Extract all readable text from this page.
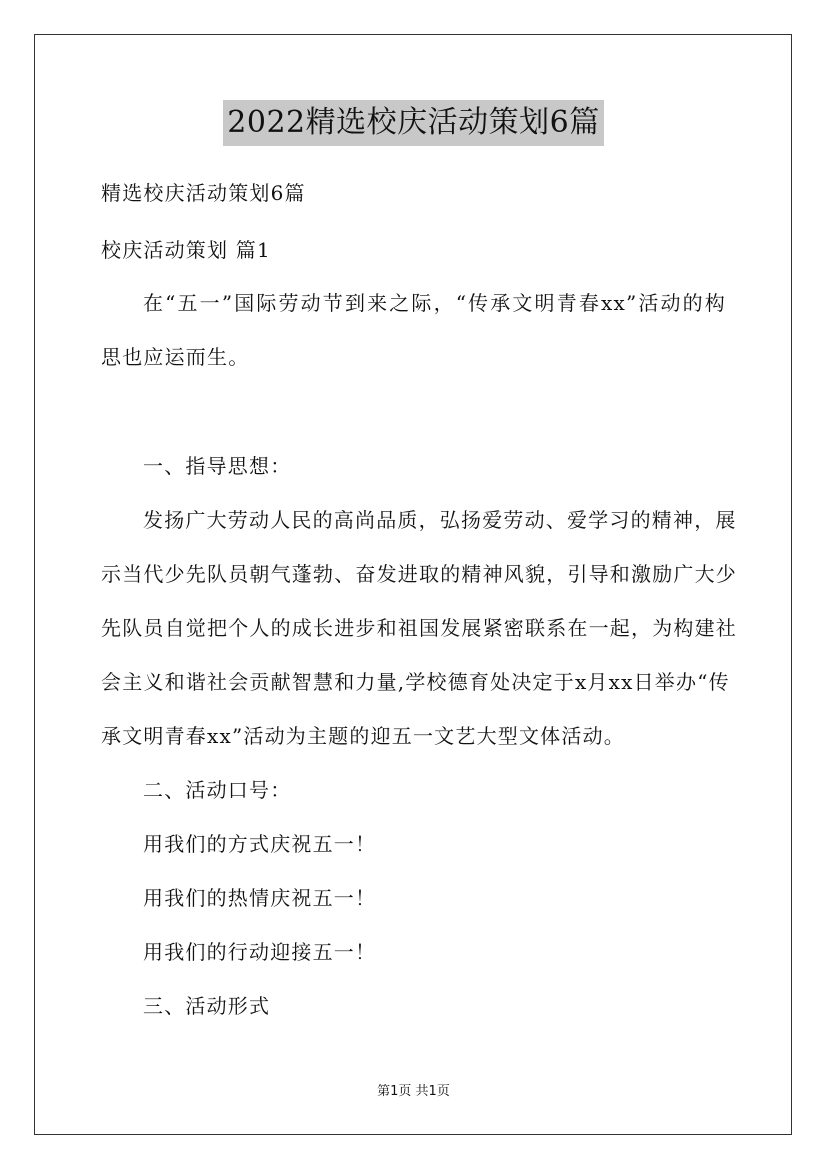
2022精选校庆活动策划6篇
精选校庆活动策划6篇
校庆活动策划 篇1
在“五一”国际劳动节到来之际，“传承文明青春xx”活动的构
思也应运而生。
一、指导思想：
发扬广大劳动人民的高尚品质，弘扬爱劳动、爱学习的精神，展
示当代少先队员朝气蓬勃、奋发进取的精神风貌，引导和激励广大少
先队员自觉把个人的成长进步和祖国发展紧密联系在一起，为构建社
会主义和谐社会贡献智慧和力量,学校德育处决定于x月xx日举办“传
承文明青春xx”活动为主题的迎五一文艺大型文体活动。
二、活动口号：
用我们的方式庆祝五一！
用我们的热情庆祝五一！
用我们的行动迎接五一！
三、活动形式
第1页 共1页
